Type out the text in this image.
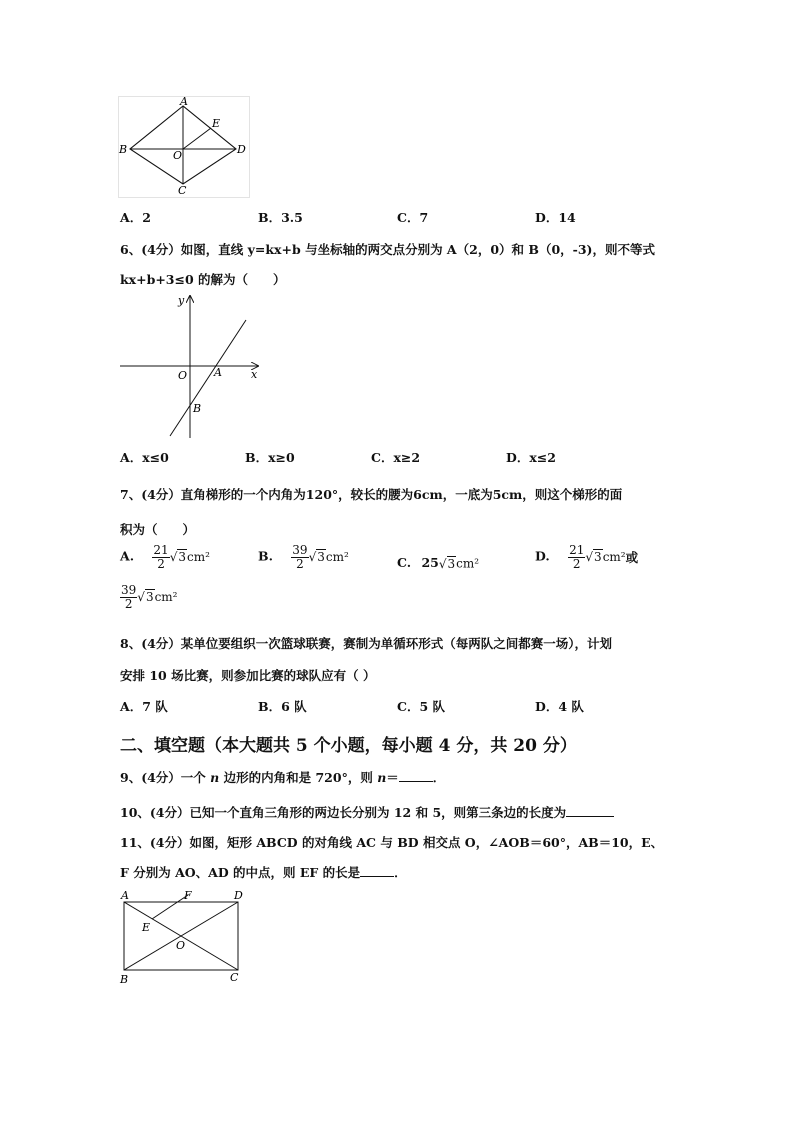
A
B
C
D
E
O
A．2	B．3.5	C．7	D．14
6、(4分）如图，直线 y=kx+b 与坐标轴的两交点分别为 A（2，0）和 B（0，-3)，则不等式
kx+b+3≤0 的解为（　　）
y
x
O A
B
A．x≤0	B．x≥0	C．x≥2	D．x≤2
7、(4分）直角梯形的一个内角为120°，较长的腰为6cm，一底为5cm，则这个梯形的面
积为（　　）
A. $\frac{21}{2} √3cm^2$	B. $\frac{39}{2} √3cm^2$	C. 25√3cm²	D. $\frac{21}{2} √3cm^2$或
$\frac{39}{2} √3cm^2$
8、(4分）某单位要组织一次篮球联赛，赛制为单循环形式（每两队之间都赛一场），计划
安排 10 场比赛，则参加比赛的球队应有（ ）
A．7 队	B．6 队	C．5 队	D．4 队
二、填空题（本大题共 5 个小题，每小题 4 分，共 20 分）
9、(4分）一个 n 边形的内角和是 720°，则 n＝	．
10、(4分）已知一个直角三角形的两边长分别为 12 和 5，则第三条边的长度为
11、(4分）如图，矩形 ABCD 的对角线 AC 与 BD 相交点 O，∠AOB＝60°，AB＝10，E、
F 分别为 AO、AD 的中点，则 EF 的长是	．
A	F	D
E
O
B	C
